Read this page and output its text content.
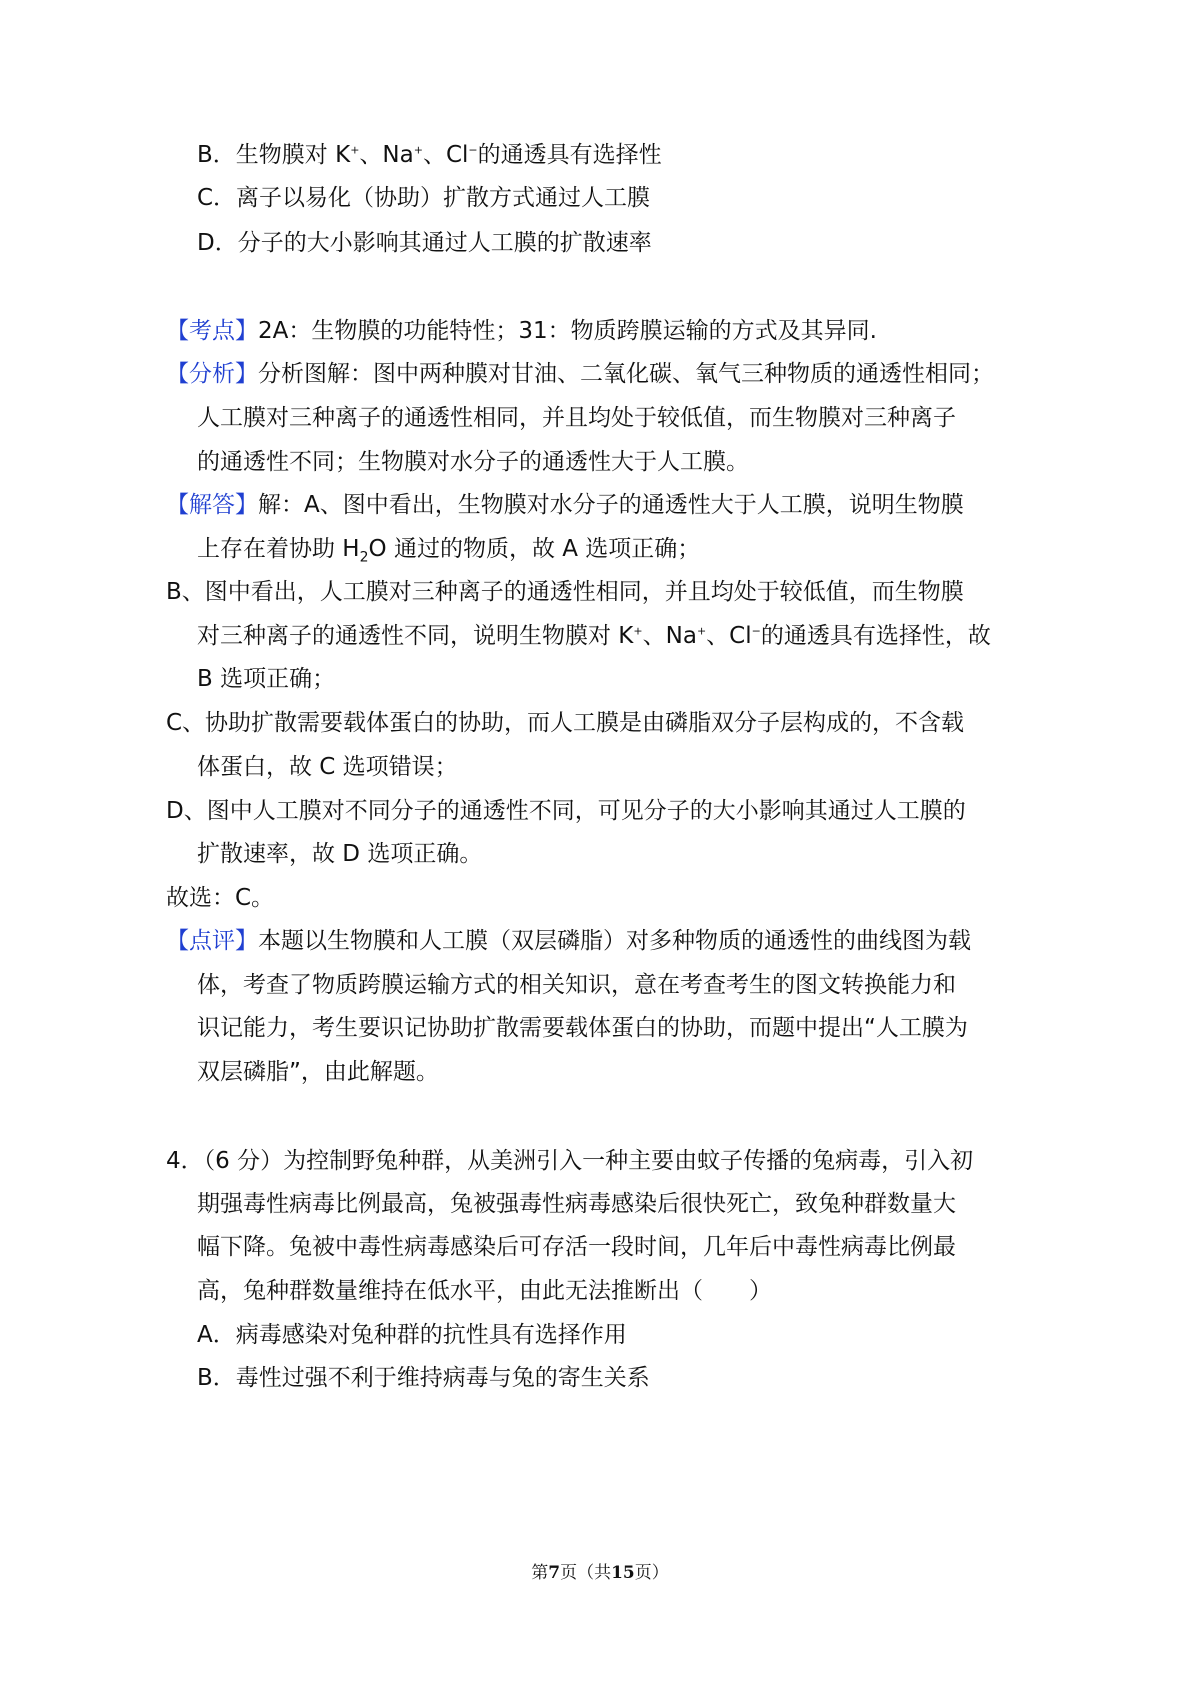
B．生物膜对 K+、Na+、Cl−的通透具有选择性
C．离子以易化（协助）扩散方式通过人工膜
D．分子的大小影响其通过人工膜的扩散速率
【考点】2A：生物膜的功能特性；31：物质跨膜运输的方式及其异同.
【分析】分析图解：图中两种膜对甘油、二氧化碳、氧气三种物质的通透性相同；
人工膜对三种离子的通透性相同，并且均处于较低值，而生物膜对三种离子
的通透性不同；生物膜对水分子的通透性大于人工膜。
【解答】解：A、图中看出，生物膜对水分子的通透性大于人工膜，说明生物膜
上存在着协助 $H_2O$ 通过的物质，故 A 选项正确；
B、图中看出，人工膜对三种离子的通透性相同，并且均处于较低值，而生物膜
对三种离子的通透性不同，说明生物膜对 K+、Na+、Cl−的通透具有选择性，故
B 选项正确；
C、协助扩散需要载体蛋白的协助，而人工膜是由磷脂双分子层构成的，不含载
体蛋白，故 C 选项错误；
D、图中人工膜对不同分子的通透性不同，可见分子的大小影响其通过人工膜的
扩散速率，故 D 选项正确。
故选：C。
【点评】本题以生物膜和人工膜（双层磷脂）对多种物质的通透性的曲线图为载
体，考查了物质跨膜运输方式的相关知识，意在考查考生的图文转换能力和
识记能力，考生要识记协助扩散需要载体蛋白的协助，而题中提出“人工膜为
双层磷脂”，由此解题。
4．（6 分）为控制野兔种群，从美洲引入一种主要由蚊子传播的兔病毒，引入初
期强毒性病毒比例最高，兔被强毒性病毒感染后很快死亡，致兔种群数量大
幅下降。兔被中毒性病毒感染后可存活一段时间，几年后中毒性病毒比例最
高，兔种群数量维持在低水平，由此无法推断出（　　）
A．病毒感染对兔种群的抗性具有选择作用
B．毒性过强不利于维持病毒与兔的寄生关系
第7页（共15页）
